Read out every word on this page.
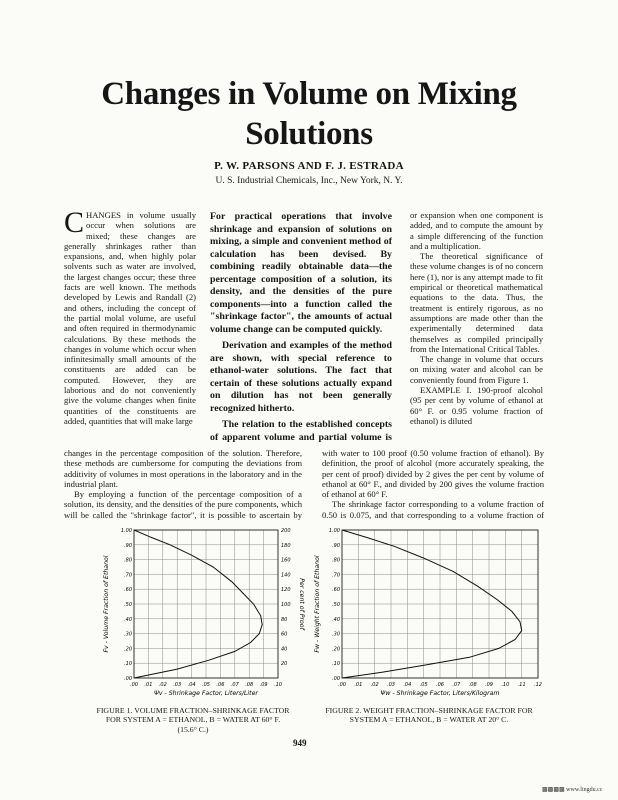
Changes in Volume on Mixing
Solutions
P. W. PARSONS AND F. J. ESTRADA
U. S. Industrial Chemicals, Inc., New York, N. Y.

CHANGES in volume usually occur when solutions are mixed; these changes are generally shrinkages rather than expansions, and, when highly polar solvents such as water are involved, the largest changes occur; these three facts are well known. The methods developed by Lewis and Randall (2) and others, including the concept of the partial molal volume, are useful and often required in thermodynamic calculations. By these methods the changes in volume which occur when infinitesimally small amounts of the constituents are added can be computed. However, they are laborious and do not conveniently give the volume changes when finite quantities of the constituents are added, quantities that will make large

For practical operations that involve shrinkage and expansion of solutions on mixing, a simple and convenient method of calculation has been devised. By combining readily obtainable data—the percentage composition of a solution, its density, and the densities of the pure components—into a function called the "shrinkage factor", the amounts of actual volume change can be computed quickly.

Derivation and examples of the method are shown, with special reference to ethanol-water solutions. The fact that certain of these solutions actually expand on dilution has not been generally recognized hitherto.

The relation to the established concepts of apparent volume and partial volume is

or expansion when one component is added, and to compute the amount by a simple differencing of the function and a multiplication.

The theoretical significance of these volume changes is of no concern here (1), nor is any attempt made to fit empirical or theoretical mathematical equations to the data. Thus, the treatment is entirely rigorous, as no assumptions are made other than the experimentally determined data themselves as compiled principally from the International Critical Tables.

The change in volume that occurs on mixing water and alcohol can be conveniently found from Figure 1.

EXAMPLE I. 190-proof alcohol (95 per cent by volume of ethanol at 60° F. or 0.95 volume fraction of ethanol) is diluted

changes in the percentage composition of the solution. Therefore, these methods are cumbersome for computing the deviations from additivity of volumes in most operations in the laboratory and in the industrial plant.

By employing a function of the percentage composition of a solution, its density, and the densities of the pure components, which will be called the "shrinkage factor", it is possible to ascertain by

with water to 100 proof (0.50 volume fraction of ethanol). By definition, the proof of alcohol (more accurately speaking, the per cent of proof) divided by 2 gives the per cent by volume of ethanol at 60° F., and divided by 200 gives the volume fraction of ethanol at 60° F.

The shrinkage factor corresponding to a volume fraction of 0.50 is 0.075, and that corresponding to a volume fraction of

.00 .01 .02 .03 .04 .05 .06 .07 .08 .09 .10
1.00
.90
.80
.70
.60
.50
.40
.30
.20
.10
.00
200
180
160
140
120
100
80
60
40
20
Ψv - Shrinkage Factor, Liters/Liter
Fv - Volume Fraction of Ethanol	Per cent of Proof
FIGURE 1. VOLUME FRACTION–SHRINKAGE FACTOR
FOR SYSTEM A = ETHANOL, B = WATER AT 60° F.
(15.6° C.)
.00 .01 .02 .03 .04 .05 .06 .07 .08 .09 .10 .11 .12
1.00
.90
.80
.70
.60
.50
.40
.30
.20
.10
.00
Ψw - Shrinkage Factor, Liters/Kilogram
Fw - Weight Fraction of Ethanol
FIGURE 2. WEIGHT FRACTION–SHRINKAGE FACTOR FOR
SYSTEM A = ETHANOL, B = WATER AT 20° C.
949
▩▩▩▩ www.lingdu.cc
